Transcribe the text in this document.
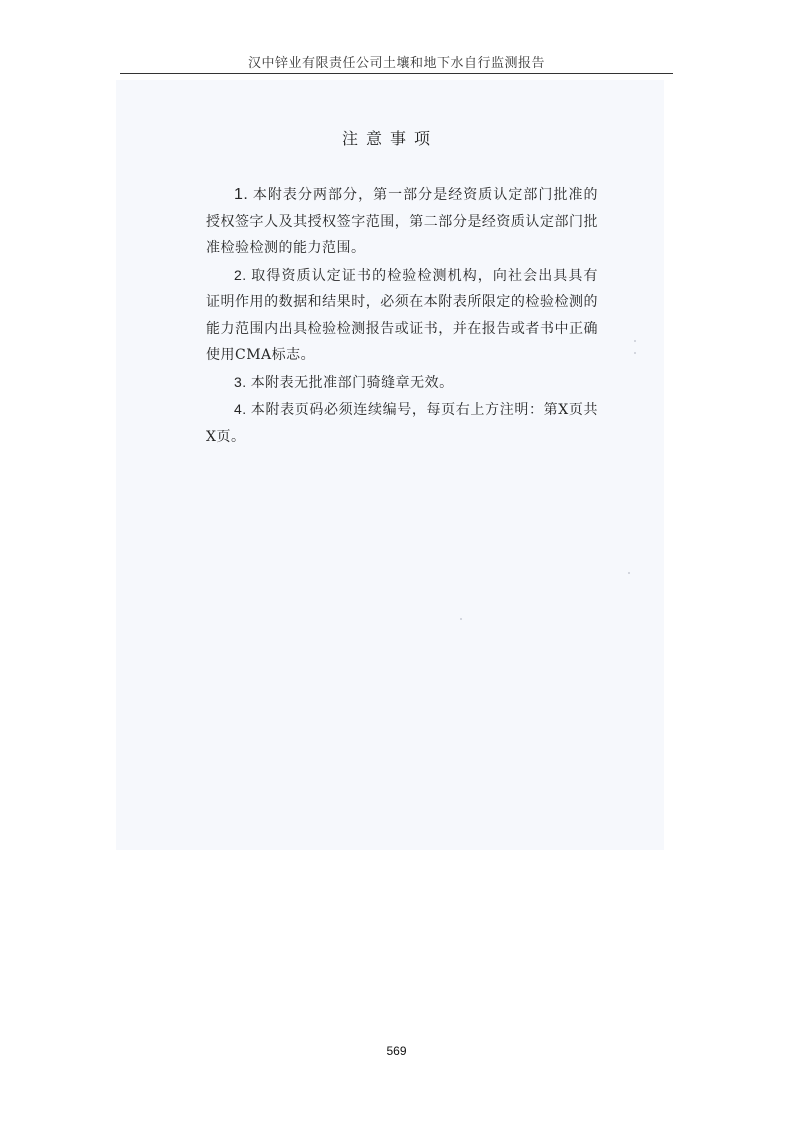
汉中锌业有限责任公司土壤和地下水自行监测报告
注意事项

1. 本附表分两部分，第一部分是经资质认定部门批准的授权签字人及其授权签字范围，第二部分是经资质认定部门批准检验检测的能力范围。

2. 取得资质认定证书的检验检测机构，向社会出具具有证明作用的数据和结果时，必须在本附表所限定的检验检测的能力范围内出具检验检测报告或证书，并在报告或者书中正确使用CMA标志。

3. 本附表无批准部门骑缝章无效。

4. 本附表页码必须连续编号，每页右上方注明：第X页共X页。

569
